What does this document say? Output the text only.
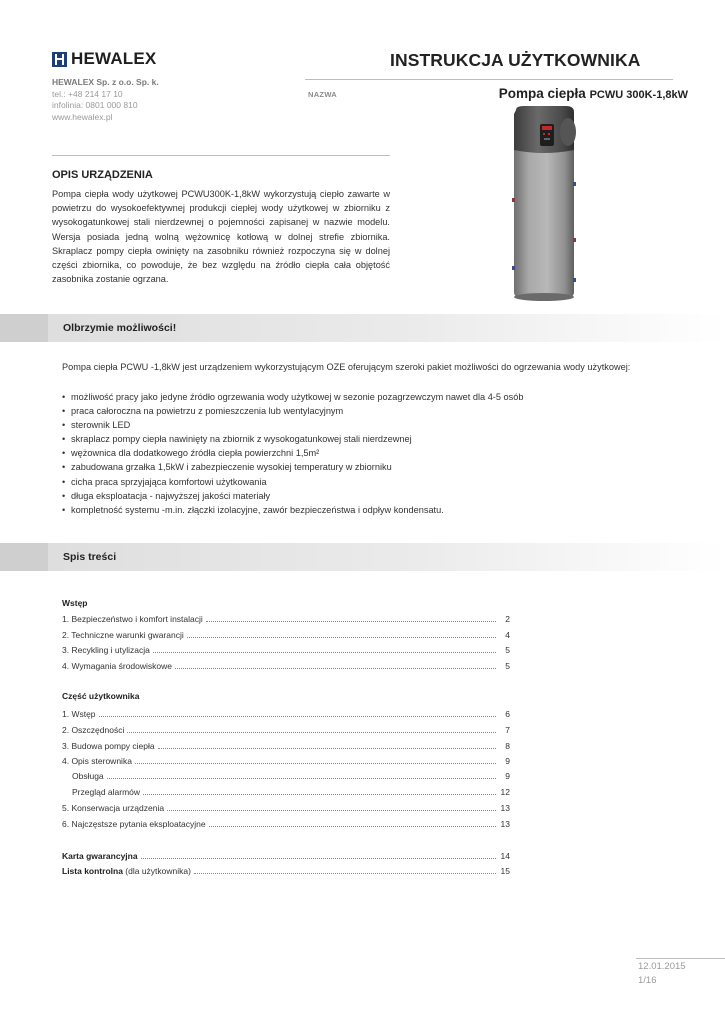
HEWALEX
HEWALEX Sp. z o.o. Sp. k.
tel.: +48 214 17 10
infolinia: 0801 000 810
www.hewalex.pl
INSTRUKCJA UŻYTKOWNIKA
NAZWA	Pompa ciepła PCWU 300K-1,8kW
OPIS URZĄDZENIA
Pompa ciepła wody użytkowej PCWU300K-1,8kW wykorzystują ciepło zawarte w powietrzu do wysokoefektywnej produkcji ciepłej wody użytkowej w zbiorniku z wysokogatunkowej stali nierdzewnej o pojemności zapisanej w nazwie modelu. Wersja posiada jedną wolną wężownicę kotłową w dolnej strefie zbiornika. Skraplacz pompy ciepła owinięty na zasobniku również rozpoczyna się w dolnej części zbiornika, co powoduje, że bez względu na źródło ciepła cała objętość zasobnika zostanie ogrzana.
Olbrzymie możliwości!
Pompa ciepła PCWU -1,8kW jest urządzeniem wykorzystującym OZE oferującym szeroki pakiet możliwości do ogrzewania wody użytkowej:
• możliwość pracy jako jedyne źródło ogrzewania wody użytkowej w sezonie pozagrzewczym nawet dla 4-5 osób
• praca całoroczna na powietrzu z pomieszczenia lub wentylacyjnym
• sterownik LED
• skraplacz pompy ciepła nawinięty na zbiornik z wysokogatunkowej stali nierdzewnej
• wężownica dla dodatkowego źródła ciepła powierzchni 1,5m²
• zabudowana grzałka 1,5kW i zabezpieczenie wysokiej temperatury w zbiorniku
• cicha praca sprzyjająca komfortowi użytkowania
• długa eksploatacja - najwyższej jakości materiały
• kompletność systemu -m.in. złączki izolacyjne, zawór bezpieczeństwa i odpływ kondensatu.
Spis treści
Wstęp
1. Bezpieczeństwo i komfort instalacji	2
2. Techniczne warunki gwarancji	4
3. Recykling i utylizacja	5
4. Wymagania środowiskowe	5
Część użytkownika
1. Wstęp	6
2. Oszczędności	7
3. Budowa pompy ciepła	8
4. Opis sterownika	9
Obsługa	9
Przegląd alarmów	12
5. Konserwacja urządzenia	13
6. Najczęstsze pytania eksploatacyjne	13
Karta gwarancyjna	14
Lista kontrolna (dla użytkownika)	15
12.01.2015
1/16
